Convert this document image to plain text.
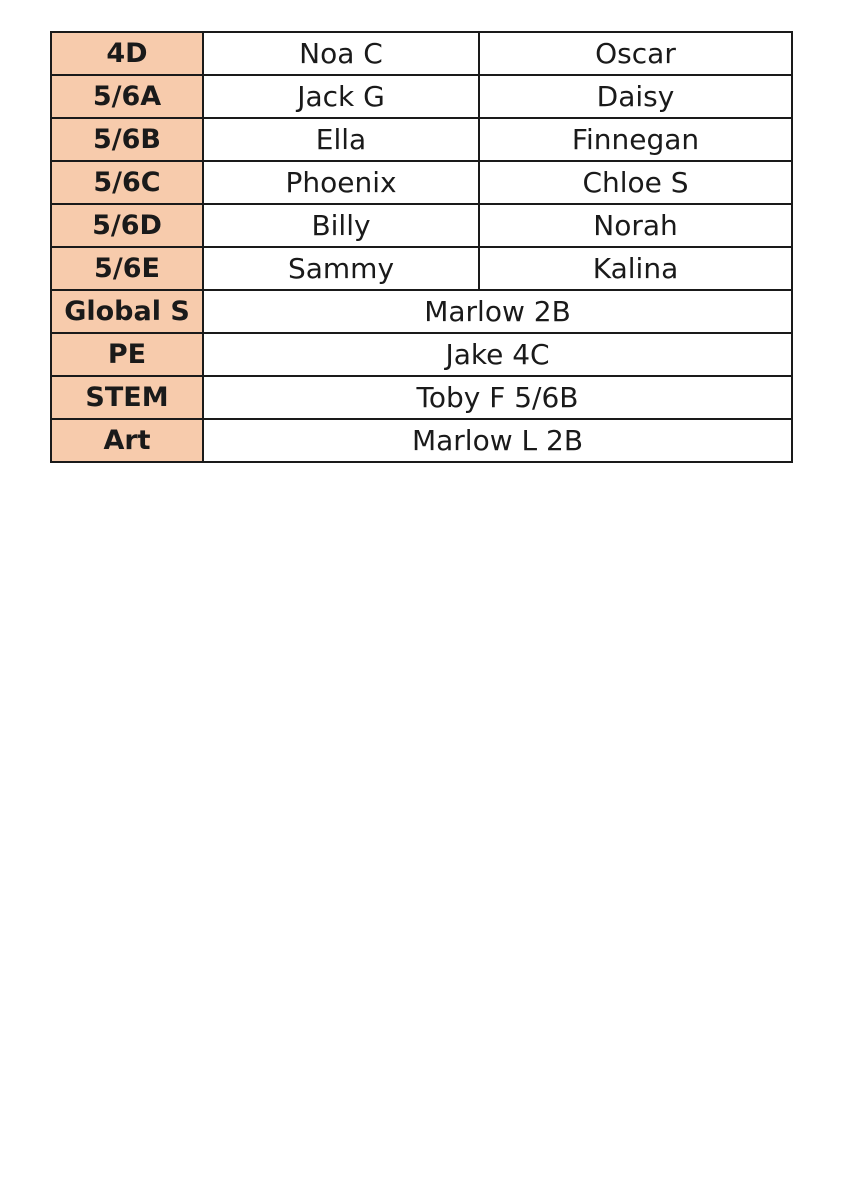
4D	Noa C	Oscar
5/6A	Jack G	Daisy
5/6B	Ella	Finnegan
5/6C	Phoenix	Chloe S
5/6D	Billy	Norah
5/6E	Sammy	Kalina
Global S	Marlow 2B	
PE	Jake 4C	
STEM	Toby F 5/6B	
Art	Marlow L 2B	
